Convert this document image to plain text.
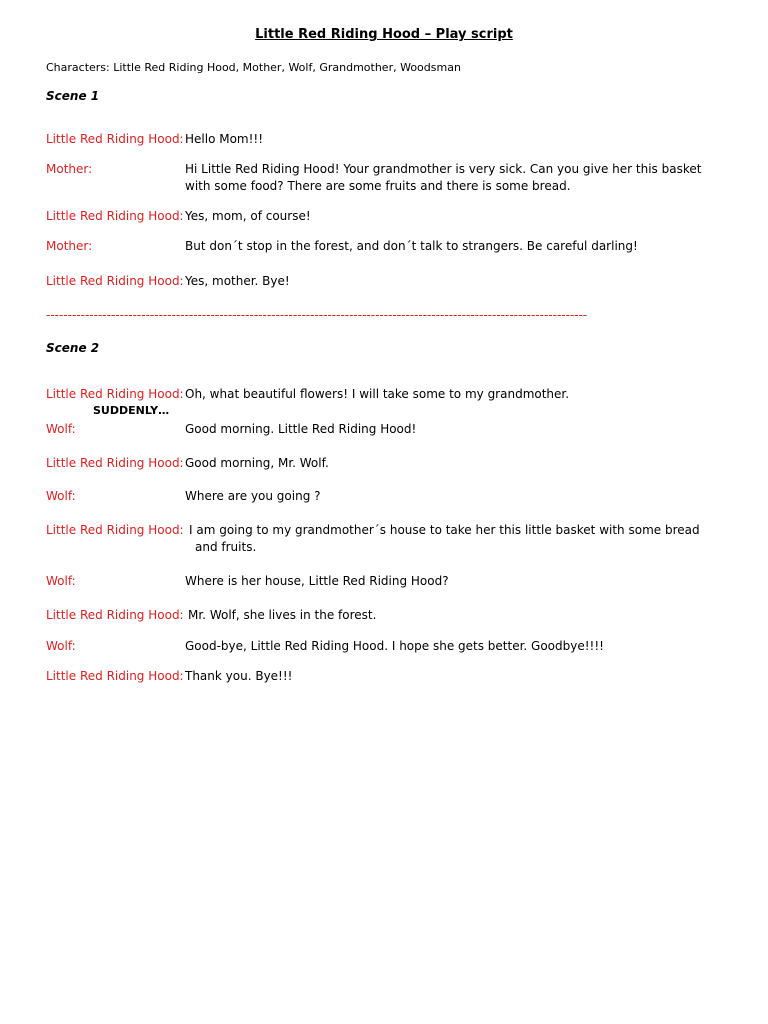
Little Red Riding Hood – Play script
Characters: Little Red Riding Hood, Mother, Wolf, Grandmother, Woodsman
Scene 1
Little Red Riding Hood: Hello Mom!!!
Mother:	Hi Little Red Riding Hood! Your grandmother is very sick. Can you give her this basket
with some food? There are some fruits and there is some bread.
Little Red Riding Hood: Yes, mom, of course!
Mother:	But don´t stop in the forest, and don´t talk to strangers. Be careful darling!
Little Red Riding Hood: Yes, mother. Bye!
-----------------------------------------------------------------------------------------------------------------------------
Scene 2
Little Red Riding Hood: Oh, what beautiful flowers! I will take some to my grandmother.
SUDDENLY…
Wolf:	Good morning. Little Red Riding Hood!
Little Red Riding Hood: Good morning, Mr. Wolf.
Wolf:	Where are you going ?
Little Red Riding Hood: I am going to my grandmother´s house to take her this little basket with some bread
and fruits.
Wolf:	Where is her house, Little Red Riding Hood?
Little Red Riding Hood: Mr. Wolf, she lives in the forest.
Wolf:	Good-bye, Little Red Riding Hood. I hope she gets better. Goodbye!!!!
Little Red Riding Hood: Thank you. Bye!!!
